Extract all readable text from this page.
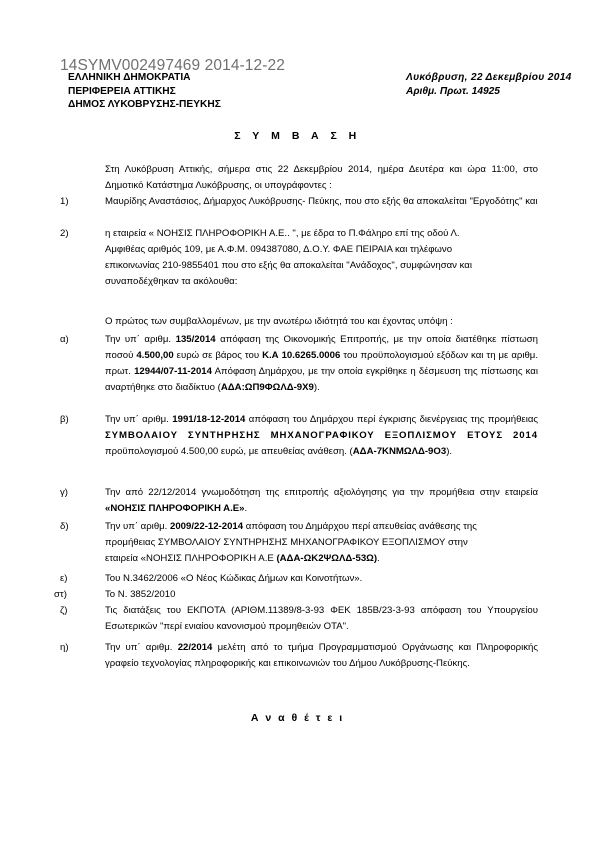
14SYMV002497469 2014-12-22
ΕΛΛΗΝΙΚΗ ΔΗΜΟΚΡΑΤΙΑ
ΠΕΡΙΦΕΡΕΙΑ ΑΤΤΙΚΗΣ
ΔΗΜΟΣ ΛΥΚΟΒΡΥΣΗΣ-ΠΕΥΚΗΣ
Λυκόβρυση, 22 Δεκεμβρίου 2014
Αριθμ. Πρωτ. 14925
Σ Υ Μ Β Α Σ Η

Στη Λυκόβρυση Αττικής, σήμερα στις 22 Δεκεμβρίου 2014, ημέρα Δευτέρα και ώρα 11:00, στο Δημοτικό Κατάστημα Λυκόβρυσης, οι υπογράφοντες :

1)	Μαυρίδης Αναστάσιος, Δήμαρχος Λυκόβρυσης- Πεύκης, που στο εξής θα αποκαλείται "Εργοδότης" και

2)	η εταιρεία « ΝΟΗΣΙΣ ΠΛΗΡΟΦΟΡΙΚΗ Α.Ε.. ", με έδρα το Π.Φάληρο επί της οδού Λ.
Αμφιθέας αριθμός 109, με Α.Φ.Μ. 094387080, Δ.Ο.Υ. ΦΑΕ ΠΕΙΡΑΙΑ και τηλέφωνο
επικοινωνίας 210-9855401 που στο εξής θα αποκαλείται "Ανάδοχος", συμφώνησαν και
συναποδέχθηκαν τα ακόλουθα:

Ο πρώτος των συμβαλλομένων, με την ανωτέρω ιδιότητά του και έχοντας υπόψη :

α)	Την υπ΄ αριθμ. 135/2014 απόφαση της Οικονομικής Επιτροπής, με την οποία διατέθηκε πίστωση ποσού 4.500,00 ευρώ σε βάρος του Κ.Α 10.6265.0006 του προϋπολογισμού εξόδων και τη με αριθμ. πρωτ. 12944/07-11-2014 Απόφαση Δημάρχου, με την οποία εγκρίθηκε η δέσμευση της πίστωσης και αναρτήθηκε στο διαδίκτυο (ΑΔΑ:ΩΠ9ΦΩΛΔ-9Χ9).

β)	Την υπ΄ αριθμ. 1991/18-12-2014 απόφαση του Δημάρχου περί έγκρισης διενέργειας της προμήθειας ΣΥΜΒΟΛΑΙΟΥ ΣΥΝΤΗΡΗΣΗΣ ΜΗΧΑΝΟΓΡΑΦΙΚΟΥ ΕΞΟΠΛΙΣΜΟΥ ΕΤΟΥΣ 2014 προϋπολογισμού 4.500,00 ευρώ, με απευθείας ανάθεση. (ΑΔΑ-7ΚΝΜΩΛΔ-9Ο3).

γ)	Την από 22/12/2014 γνωμοδότηση της επιτροπής αξιολόγησης για την προμήθεια στην εταιρεία «ΝΟΗΣΙΣ ΠΛΗΡΟΦΟΡΙΚΗ Α.Ε».

δ)	Την υπ΄ αριθμ. 2009/22-12-2014 απόφαση του Δημάρχου περί απευθείας ανάθεσης της
προμήθειας ΣΥΜΒΟΛΑΙΟΥ ΣΥΝΤΗΡΗΣΗΣ ΜΗΧΑΝΟΓΡΑΦΙΚΟΥ ΕΞΟΠΛΙΣΜΟΥ στην
εταιρεία «ΝΟΗΣΙΣ ΠΛΗΡΟΦΟΡΙΚΗ Α.Ε (ΑΔΑ-ΩΚ2ΨΩΛΔ-53Ω).
ε)	Του Ν.3462/2006 «Ο Νέος Κώδικας Δήμων και Κοινοτήτων».

στ)	Το Ν. 3852/2010

ζ)	Τις διατάξεις του ΕΚΠΟΤΑ (ΑΡΙΘΜ.11389/8-3-93 ΦΕΚ 185Β/23-3-93 απόφαση του Υπουργείου Εσωτερικών "περί ενιαίου κανονισμού προμηθειών ΟΤΑ".

η)	Την υπ΄ αριθμ. 22/2014 μελέτη από το τμήμα Προγραμματισμού Οργάνωσης και Πληροφορικής γραφείο τεχνολογίας πληροφορικής και επικοινωνιών του Δήμου Λυκόβρυσης-Πεύκης.

Α ν α θ έ τ ε ι
